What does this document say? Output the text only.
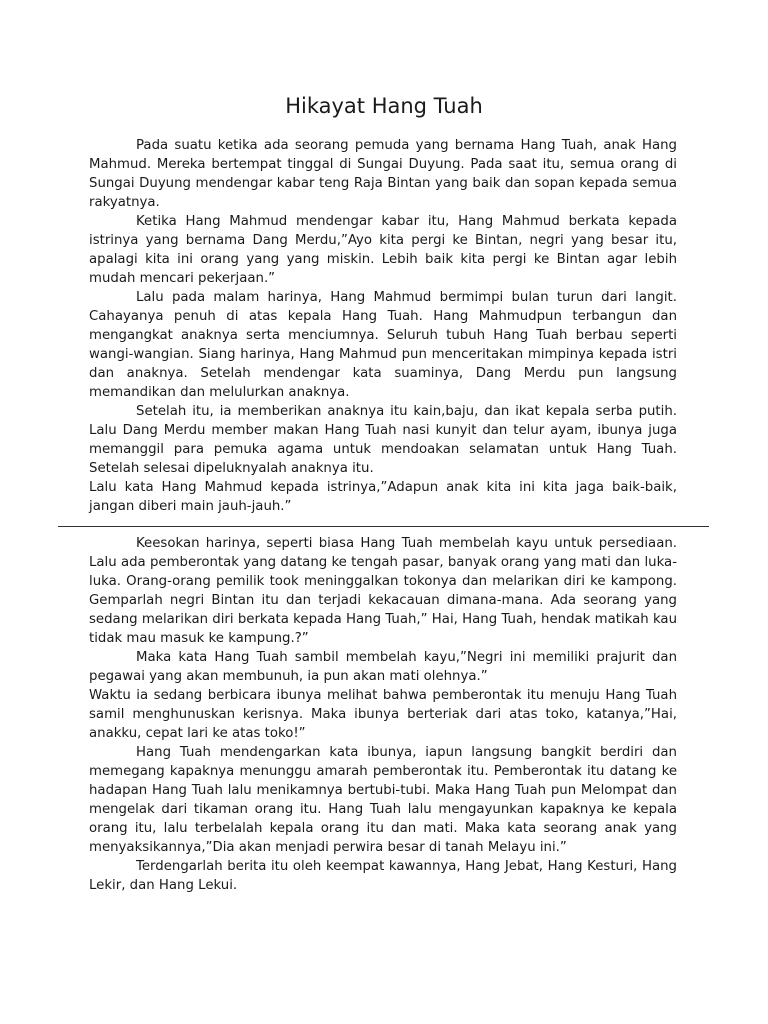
Hikayat Hang Tuah

Pada suatu ketika ada seorang pemuda yang bernama Hang Tuah, anak Hang Mahmud. Mereka bertempat tinggal di Sungai Duyung. Pada saat itu, semua orang di Sungai Duyung mendengar kabar teng Raja Bintan yang baik dan sopan kepada semua rakyatnya.

Ketika Hang Mahmud mendengar kabar itu, Hang Mahmud berkata kepada istrinya yang bernama Dang Merdu,”Ayo kita pergi ke Bintan, negri yang besar itu, apalagi kita ini orang yang yang miskin. Lebih baik kita pergi ke Bintan agar lebih mudah mencari pekerjaan.”

Lalu pada malam harinya, Hang Mahmud bermimpi bulan turun dari langit. Cahayanya penuh di atas kepala Hang Tuah. Hang Mahmudpun terbangun dan mengangkat anaknya serta menciumnya. Seluruh tubuh Hang Tuah berbau seperti wangi-wangian. Siang harinya, Hang Mahmud pun menceritakan mimpinya kepada istri dan anaknya. Setelah mendengar kata suaminya, Dang Merdu pun langsung memandikan dan melulurkan anaknya.

Setelah itu, ia memberikan anaknya itu kain,baju, dan ikat kepala serba putih. Lalu Dang Merdu member makan Hang Tuah nasi kunyit dan telur ayam, ibunya juga memanggil para pemuka agama untuk mendoakan selamatan untuk Hang Tuah. Setelah selesai dipeluknyalah anaknya itu.

Lalu kata Hang Mahmud kepada istrinya,”Adapun anak kita ini kita jaga baik-baik, jangan diberi main jauh-jauh.”

Keesokan harinya, seperti biasa Hang Tuah membelah kayu untuk persediaan. Lalu ada pemberontak yang datang ke tengah pasar, banyak orang yang mati dan luka-luka. Orang-orang pemilik took meninggalkan tokonya dan melarikan diri ke kampong. Gemparlah negri Bintan itu dan terjadi kekacauan dimana-mana. Ada seorang yang sedang melarikan diri berkata kepada Hang Tuah,” Hai, Hang Tuah, hendak matikah kau tidak mau masuk ke kampung.?”

Maka kata Hang Tuah sambil membelah kayu,”Negri ini memiliki prajurit dan pegawai yang akan membunuh, ia pun akan mati olehnya.”

Waktu ia sedang berbicara ibunya melihat bahwa pemberontak itu menuju Hang Tuah samil menghunuskan kerisnya. Maka ibunya berteriak dari atas toko, katanya,”Hai, anakku, cepat lari ke atas toko!”

Hang Tuah mendengarkan kata ibunya, iapun langsung bangkit berdiri dan memegang kapaknya menunggu amarah pemberontak itu. Pemberontak itu datang ke hadapan Hang Tuah lalu menikamnya bertubi-tubi. Maka Hang Tuah pun Melompat dan mengelak dari tikaman orang itu. Hang Tuah lalu mengayunkan kapaknya ke kepala orang itu, lalu terbelalah kepala orang itu dan mati. Maka kata seorang anak yang menyaksikannya,”Dia akan menjadi perwira besar di tanah Melayu ini.”

Terdengarlah berita itu oleh keempat kawannya, Hang Jebat, Hang Kesturi, Hang Lekir, dan Hang Lekui.
